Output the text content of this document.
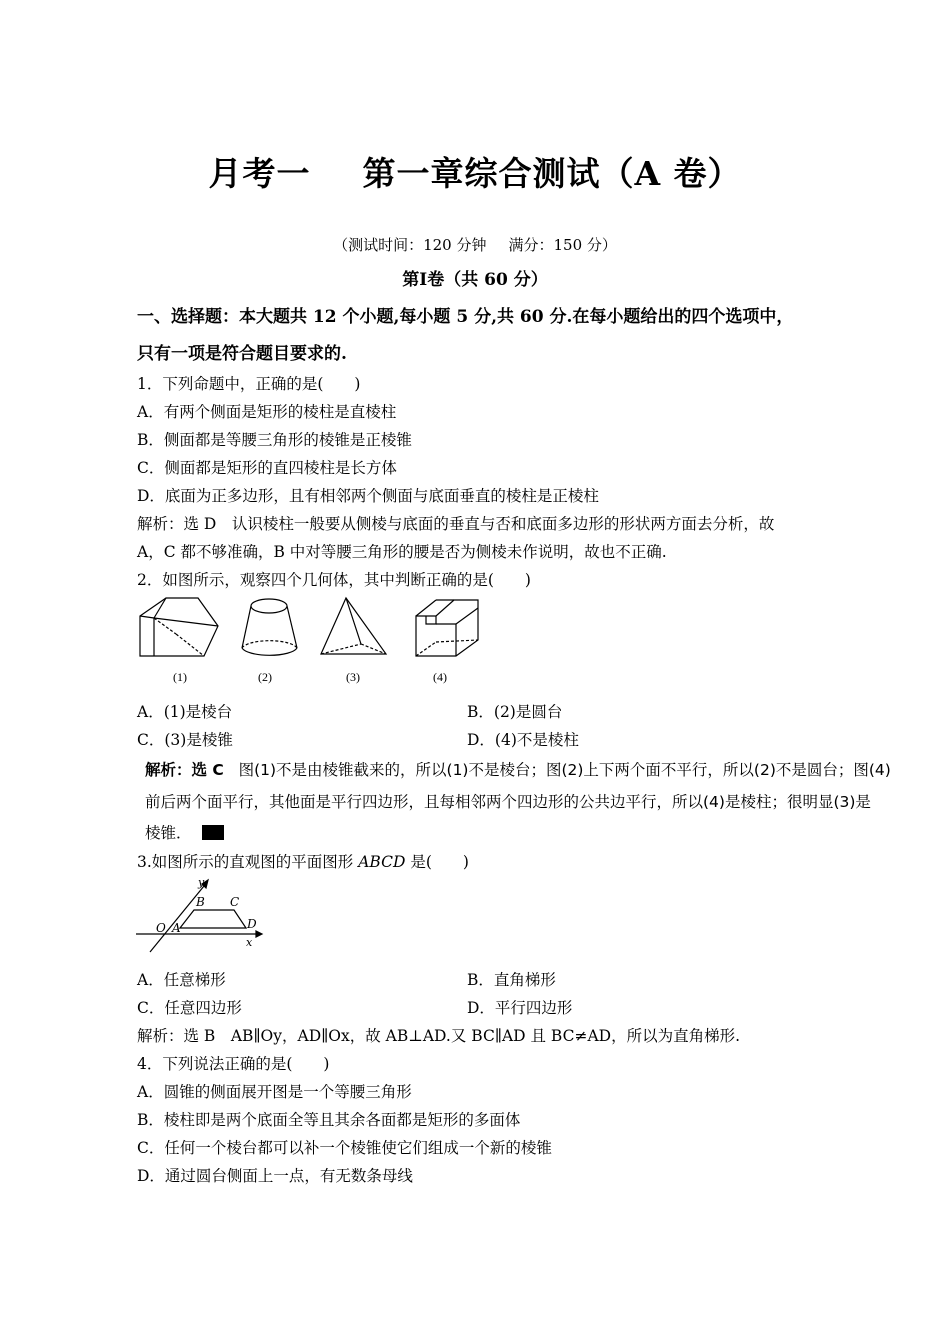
月考一 第一章综合测试（A 卷）
（测试时间：120 分钟 满分：150 分）
第Ⅰ卷（共 60 分）
一、选择题：本大题共 12 个小题,每小题 5 分,共 60 分.在每小题给出的四个选项中，
只有一项是符合题目要求的.
1．下列命题中，正确的是(　　)
A．有两个侧面是矩形的棱柱是直棱柱
B．侧面都是等腰三角形的棱锥是正棱锥
C．侧面都是矩形的直四棱柱是长方体
D．底面为正多边形，且有相邻两个侧面与底面垂直的棱柱是正棱柱
解析：选 D　认识棱柱一般要从侧棱与底面的垂直与否和底面多边形的形状两方面去分析，故
A，C 都不够准确，B 中对等腰三角形的腰是否为侧棱未作说明，故也不正确.
2．如图所示，观察四个几何体，其中判断正确的是(　　)
(1)	(2)	(3)	(4)
A．(1)是棱台	B．(2)是圆台
C．(3)是棱锥	D．(4)不是棱柱
解析：选 C 图(1)不是由棱锥截来的，所以(1)不是棱台；图(2)上下两个面不平行，所以(2)不是圆台；图(4)
前后两个面平行，其他面是平行四边形，且每相邻两个四边形的公共边平行，所以(4)是棱柱；很明显(3)是
棱锥．
3.如图所示的直观图的平面图形 ABCD 是(　　)
y
x
O A
B C
D
A．任意梯形	B．直角梯形
C．任意四边形	D．平行四边形
解析：选 B　AB∥Oy，AD∥Ox，故 AB⊥AD.又 BC∥AD 且 BC≠AD，所以为直角梯形.
4．下列说法正确的是(　　)
A．圆锥的侧面展开图是一个等腰三角形
B．棱柱即是两个底面全等且其余各面都是矩形的多面体
C．任何一个棱台都可以补一个棱锥使它们组成一个新的棱锥
D．通过圆台侧面上一点，有无数条母线
